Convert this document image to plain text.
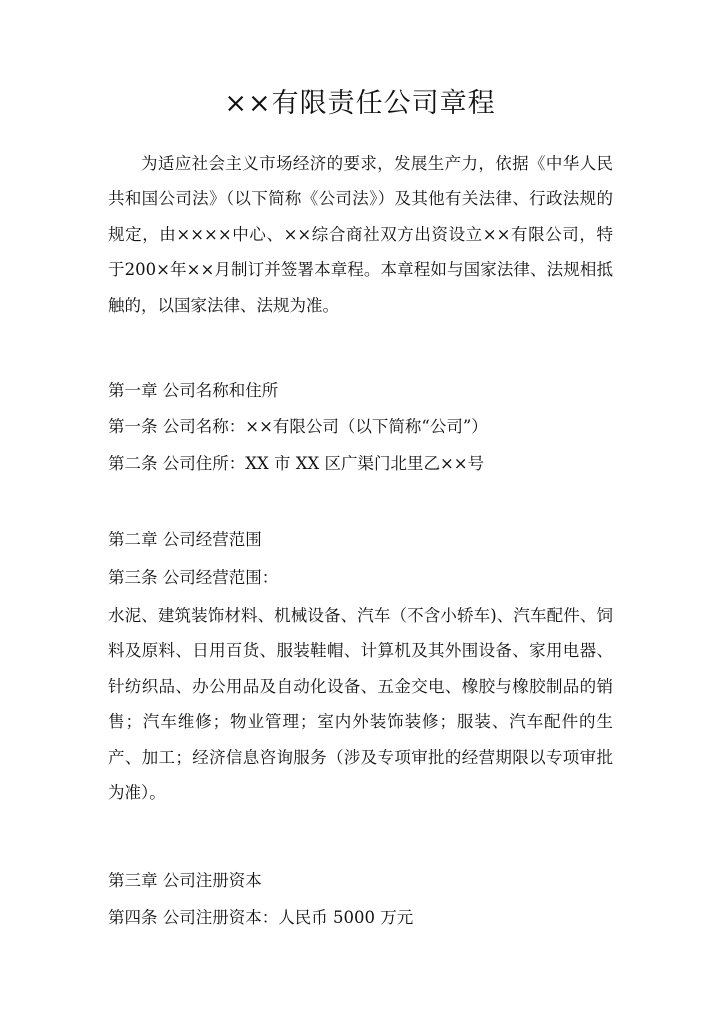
××有限责任公司章程
为适应社会主义市场经济的要求，发展生产力，依据《中华人民共和国公司法》（以下简称《公司法》）及其他有关法律、行政法规的规定，由××××中心、××综合商社双方出资设立××有限公司，特于200×年××月制订并签署本章程。本章程如与国家法律、法规相抵触的，以国家法律、法规为准。
第一章 公司名称和住所
第一条 公司名称：××有限公司（以下简称“公司”）
第二条 公司住所：XX 市 XX 区广渠门北里乙××号
第二章 公司经营范围
第三条 公司经营范围：
水泥、建筑装饰材料、机械设备、汽车（不含小轿车)、汽车配件、饲料及原料、日用百货、服装鞋帽、计算机及其外围设备、家用电器、针纺织品、办公用品及自动化设备、五金交电、橡胶与橡胶制品的销售；汽车维修；物业管理；室内外装饰装修；服装、汽车配件的生产、加工；经济信息咨询服务（涉及专项审批的经营期限以专项审批为准）。
第三章 公司注册资本
第四条 公司注册资本：人民币 5000 万元
